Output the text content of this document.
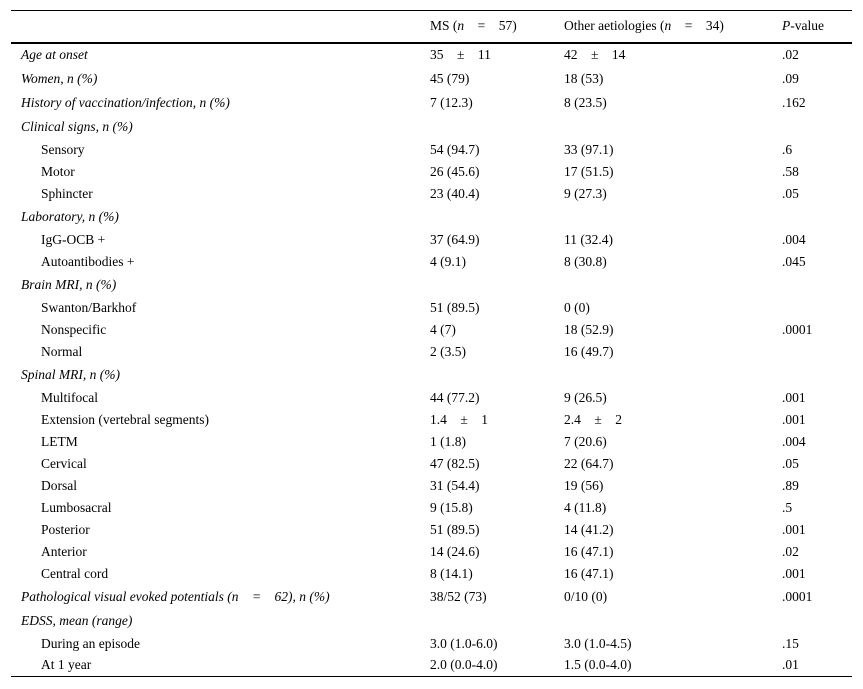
	MS (n = 57)	Other aetiologies (n = 34)	P-value
Age at onset	35 ± 11	42 ± 14	.02
Women, n (%)	45 (79)	18 (53)	.09
History of vaccination/infection, n (%)	7 (12.3)	8 (23.5)	.162
Clinical signs, n (%)			
Sensory	54 (94.7)	33 (97.1)	.6
Motor	26 (45.6)	17 (51.5)	.58
Sphincter	23 (40.4)	9 (27.3)	.05
Laboratory, n (%)			
IgG-OCB +	37 (64.9)	11 (32.4)	.004
Autoantibodies +	4 (9.1)	8 (30.8)	.045
Brain MRI, n (%)			
Swanton/Barkhof	51 (89.5)	0 (0)	
Nonspecific	4 (7)	18 (52.9)	.0001
Normal	2 (3.5)	16 (49.7)	
Spinal MRI, n (%)			
Multifocal	44 (77.2)	9 (26.5)	.001
Extension (vertebral segments)	1.4 ± 1	2.4 ± 2	.001
LETM	1 (1.8)	7 (20.6)	.004
Cervical	47 (82.5)	22 (64.7)	.05
Dorsal	31 (54.4)	19 (56)	.89
Lumbosacral	9 (15.8)	4 (11.8)	.5
Posterior	51 (89.5)	14 (41.2)	.001
Anterior	14 (24.6)	16 (47.1)	.02
Central cord	8 (14.1)	16 (47.1)	.001
Pathological visual evoked potentials (n = 62), n (%)	38/52 (73)	0/10 (0)	.0001
EDSS, mean (range)			
During an episode	3.0 (1.0-6.0)	3.0 (1.0-4.5)	.15
At 1 year	2.0 (0.0-4.0)	1.5 (0.0-4.0)	.01
